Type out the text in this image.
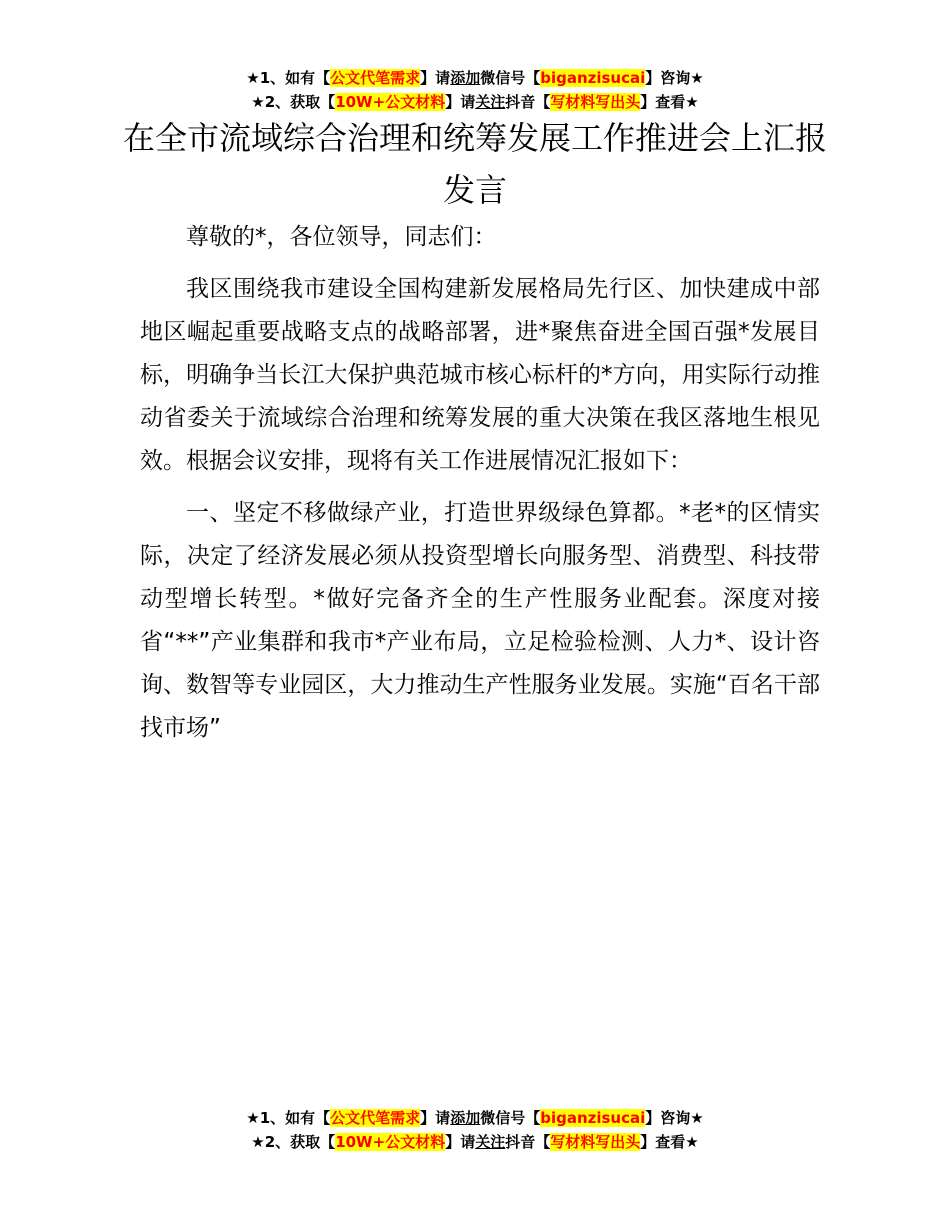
★1、如有【公文代笔需求】请添加微信号【biganzisucai】咨询★
★2、获取【10W+公文材料】请关注抖音【写材料写出头】查看★
在全市流域综合治理和统筹发展工作推进会上汇报发言

尊敬的*，各位领导，同志们：

我区围绕我市建设全国构建新发展格局先行区、加快建成中部地区崛起重要战略支点的战略部署，进*聚焦奋进全国百强*发展目标，明确争当长江大保护典范城市核心标杆的*方向，用实际行动推动省委关于流域综合治理和统筹发展的重大决策在我区落地生根见效。根据会议安排，现将有关工作进展情况汇报如下：

一、坚定不移做绿产业，打造世界级绿色算都。*老*的区情实际，决定了经济发展必须从投资型增长向服务型、消费型、科技带动型增长转型。*做好完备齐全的生产性服务业配套。深度对接省“**”产业集群和我市*产业布局，立足检验检测、人力*、设计咨询、数智等专业园区，大力推动生产性服务业发展。实施“百名干部找市场”

★1、如有【公文代笔需求】请添加微信号【biganzisucai】咨询★
★2、获取【10W+公文材料】请关注抖音【写材料写出头】查看★
